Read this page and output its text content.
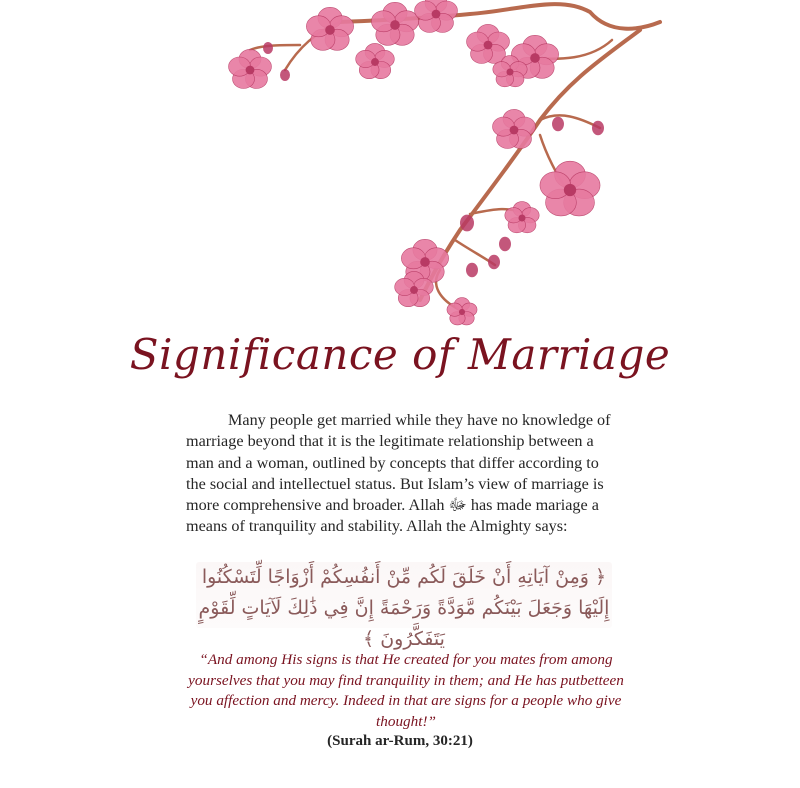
Significance of Marriage
Many people get married while they have no knowledge of marriage beyond that it is the legitimate relationship between a man and a woman, outlined by concepts that differ according to the social and intellectuel status. But Islam’s view of marriage is more comprehensive and broader. Allah ﷻ has made mariage a means of tranquility and stability. Allah the Almighty says:
﴿ وَمِنْ آيَاتِهِ أَنْ خَلَقَ لَكُم مِّنْ أَنفُسِكُمْ أَزْوَاجًا لِّتَسْكُنُوا إِلَيْهَا وَجَعَلَ بَيْنَكُم مَّوَدَّةً وَرَحْمَةً إِنَّ فِي ذَٰلِكَ لَآيَاتٍ لِّقَوْمٍ يَتَفَكَّرُونَ ﴾
“And among His signs is that He created for you mates from among yourselves that you may find tranquility in them; and He has putbetteen you affection and mercy. Indeed in that are signs for a people who give thought!”
(Surah ar-Rum, 30:21)
